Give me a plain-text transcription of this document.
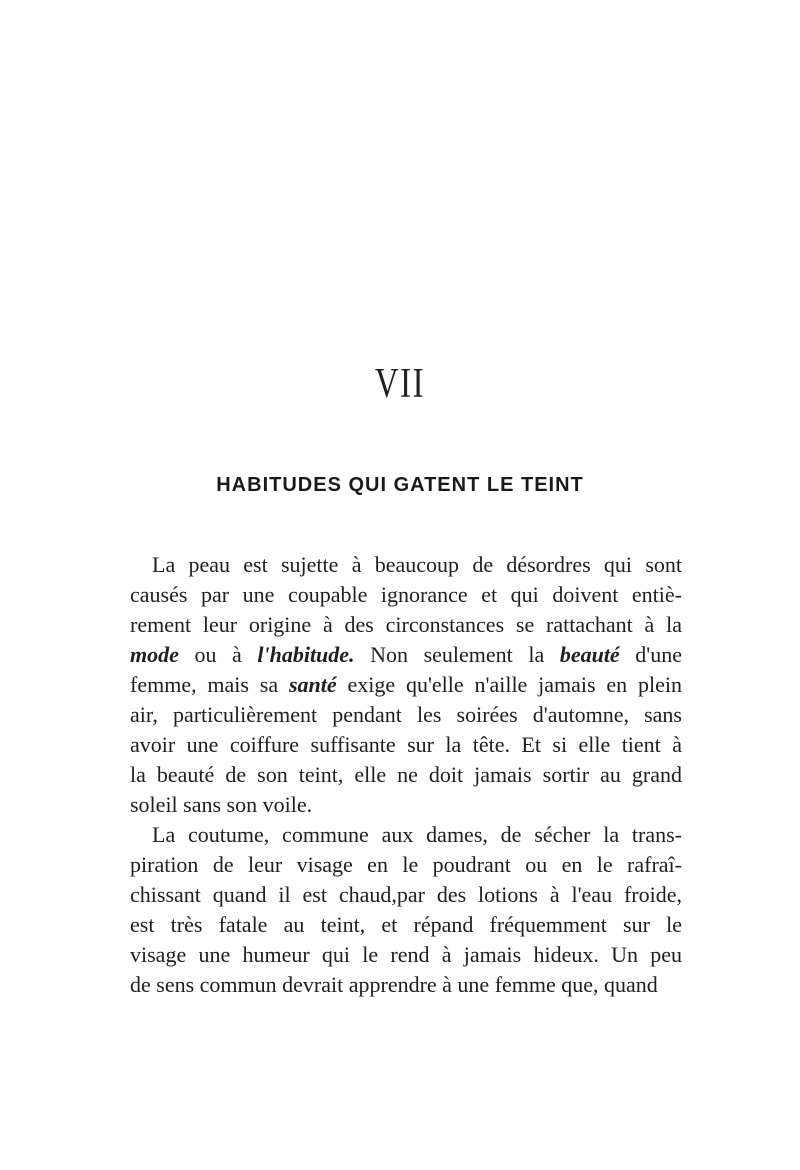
VII
HABITUDES QUI GATENT LE TEINT
La peau est sujette à beaucoup de désordres qui sont
causés par une coupable ignorance et qui doivent entiè-
rement leur origine à des circonstances se rattachant à la
mode ou à l'habitude. Non seulement la beauté d'une
femme, mais sa santé exige qu'elle n'aille jamais en plein
air, particulièrement pendant les soirées d'automne, sans
avoir une coiffure suffisante sur la tête. Et si elle tient à
la beauté de son teint, elle ne doit jamais sortir au grand
soleil sans son voile.
La coutume, commune aux dames, de sécher la trans-
piration de leur visage en le poudrant ou en le rafraî-
chissant quand il est chaud,par des lotions à l'eau froide,
est très fatale au teint, et répand fréquemment sur le
visage une humeur qui le rend à jamais hideux. Un peu
de sens commun devrait apprendre à une femme que, quand
